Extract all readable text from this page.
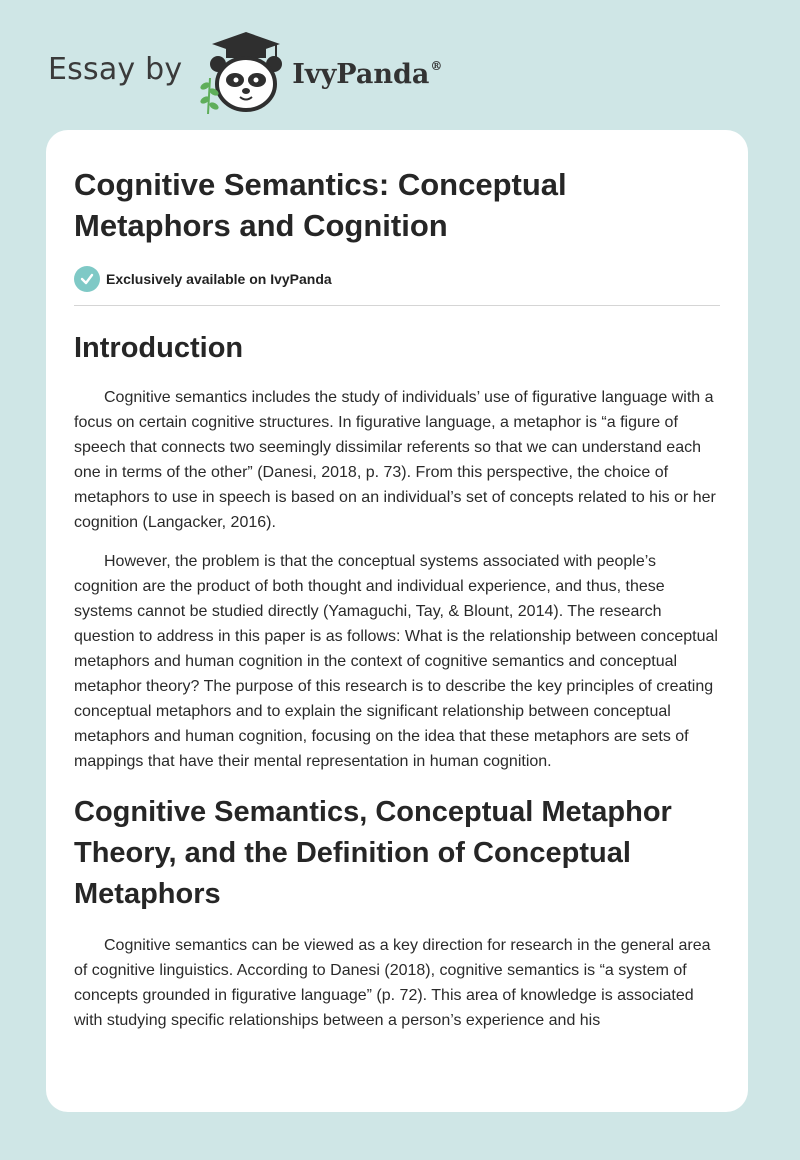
Essay by	IvyPanda®
Cognitive Semantics: Conceptual Metaphors and Cognition
Exclusively available on IvyPanda
Introduction

Cognitive semantics includes the study of individuals’ use of figurative language with a focus on certain cognitive structures. In figurative language, a metaphor is “a figure of speech that connects two seemingly dissimilar referents so that we can understand each one in terms of the other” (Danesi, 2018, p. 73). From this perspective, the choice of metaphors to use in speech is based on an individual’s set of concepts related to his or her cognition (Langacker, 2016).

However, the problem is that the conceptual systems associated with people’s cognition are the product of both thought and individual experience, and thus, these systems cannot be studied directly (Yamaguchi, Tay, & Blount, 2014). The research question to address in this paper is as follows: What is the relationship between conceptual metaphors and human cognition in the context of cognitive semantics and conceptual metaphor theory? The purpose of this research is to describe the key principles of creating conceptual metaphors and to explain the significant relationship between conceptual metaphors and human cognition, focusing on the idea that these metaphors are sets of mappings that have their mental representation in human cognition.

Cognitive Semantics, Conceptual Metaphor Theory, and the Definition of Conceptual Metaphors

Cognitive semantics can be viewed as a key direction for research in the general area of cognitive linguistics. According to Danesi (2018), cognitive semantics is “a system of concepts grounded in figurative language” (p. 72). This area of knowledge is associated with studying specific relationships between a person’s experience and his
